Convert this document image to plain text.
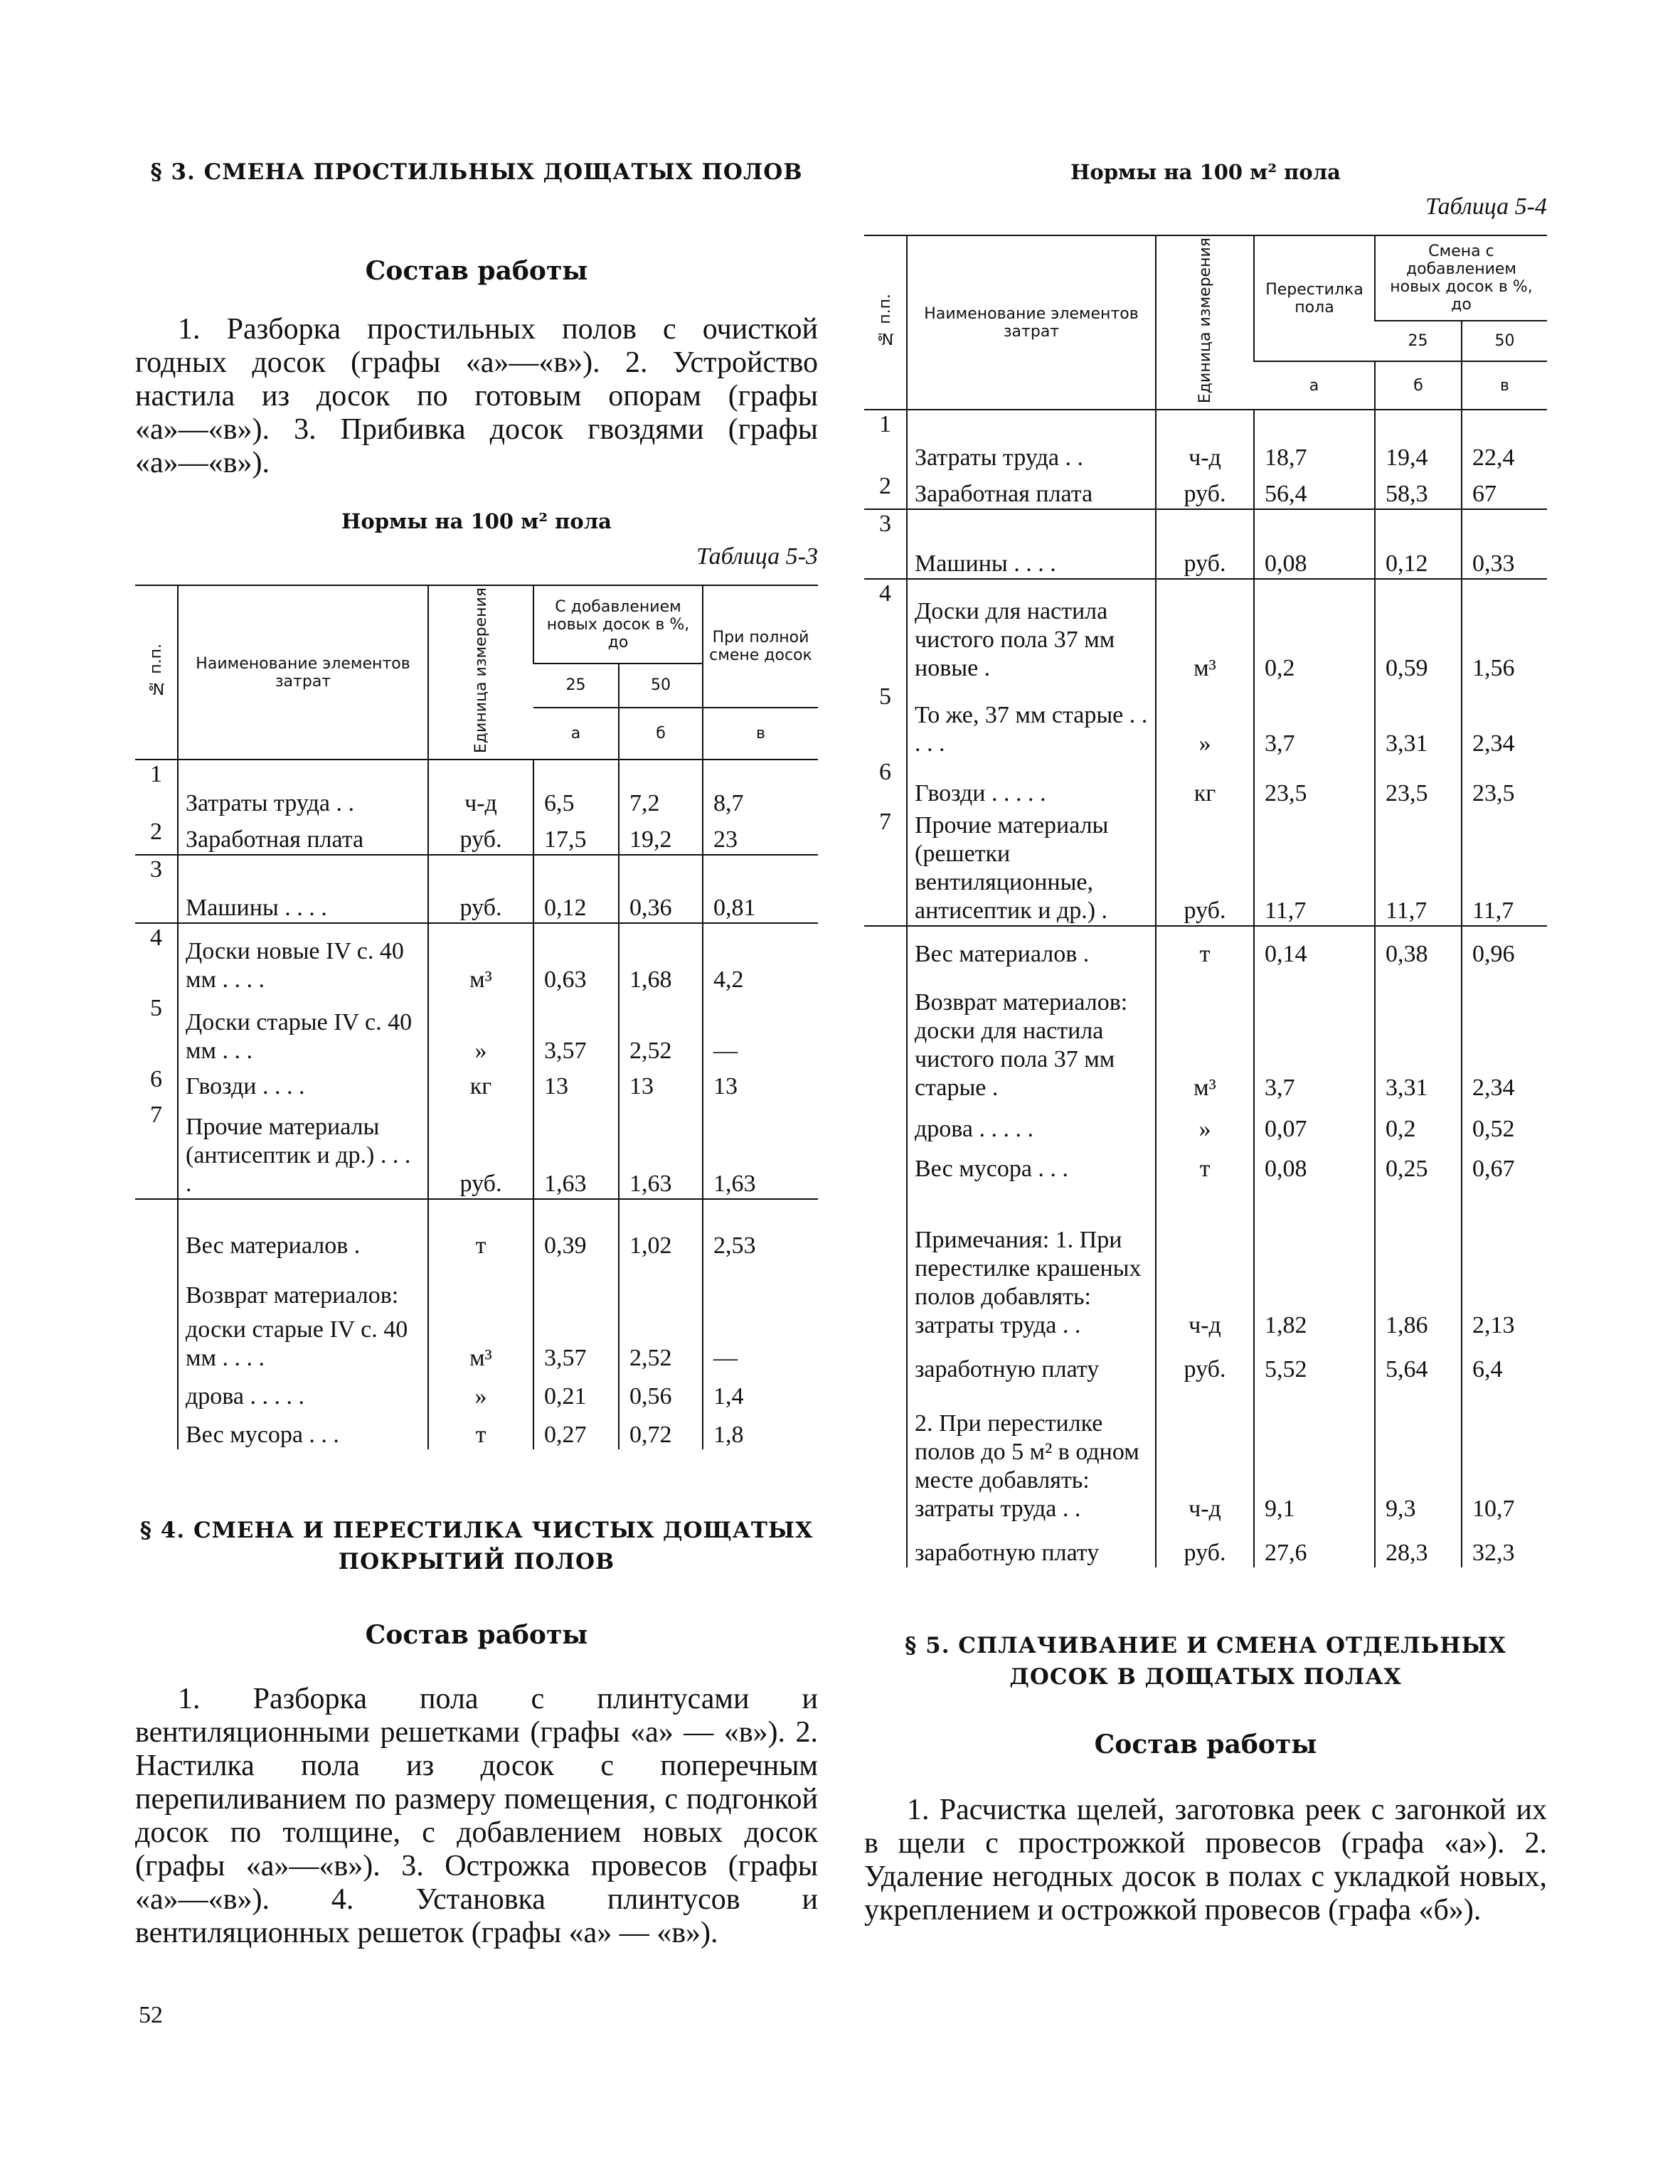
§ 3. СМЕНА ПРОСТИЛЬНЫХ ДОЩАТЫХ ПОЛОВ
Состав работы

1. Разборка простильных полов с очисткой годных досок (графы «а»—«в»). 2. Устройство настила из досок по готовым опорам (графы «а»—«в»). 3. Прибивка досок гвоздями (графы «а»—«в»).

Нормы на 100 м² пола

Таблица 5-3

№ п.п.	Наименование элементов затрат	Единица измерения	С добавлением новых досок в %, до		При полной смене досок
			25	50	
			а	б	в
1	Затраты труда . .	ч-д	6,5	7,2	8,7
2	Заработная плата	руб.	17,5	19,2	23
3	Машины . . . .	руб.	0,12	0,36	0,81
4	Доски новые IV с. 40 мм . . . .	м³	0,63	1,68	4,2
5	Доски старые IV с. 40 мм . . .	»	3,57	2,52	—
6	Гвозди . . . .	кг	13	13	13
7	Прочие материалы (антисептик и др.) . . . .	руб.	1,63	1,63	1,63
	Вес материалов .	т	0,39	1,02	2,53
	Возврат материалов:				
	доски старые IV с. 40 мм . . . .	м³	3,57	2,52	—
	дрова . . . . .	»	0,21	0,56	1,4
	Вес мусора . . .	т	0,27	0,72	1,8
§ 4. СМЕНА И ПЕРЕСТИЛКА ЧИСТЫХ ДОЩАТЫХ ПОКРЫТИЙ ПОЛОВ
Состав работы

1. Разборка пола с плинтусами и вентиляционными решетками (графы «а» — «в»). 2. Настилка пола из досок с поперечным перепиливанием по размеру помещения, с подгонкой досок по толщине, с добавлением новых досок (графы «а»—«в»). 3. Острожка провесов (графы «а»—«в»). 4. Установка плинтусов и вентиляционных решеток (графы «а» — «в»).

52

Нормы на 100 м² пола

Таблица 5-4

№ п.п.	Наименование элементов затрат	Единица измерения	Перестилка пола	Смена с добавлением новых досок в %, до	
				25	50
			а	б	в
1	Затраты труда . .	ч-д	18,7	19,4	22,4
2	Заработная плата	руб.	56,4	58,3	67
3	Машины . . . .	руб.	0,08	0,12	0,33
4	Доски для настила чистого пола 37 мм новые .	м³	0,2	0,59	1,56
5	То же, 37 мм старые . . . . .	»	3,7	3,31	2,34
6	Гвозди . . . . .	кг	23,5	23,5	23,5
7	Прочие материалы (решетки вентиляционные, антисептик и др.) .	руб.	11,7	11,7	11,7
	Вес материалов .	т	0,14	0,38	0,96
	Возврат материалов: доски для настила чистого пола 37 мм старые .	м³	3,7	3,31	2,34
	дрова . . . . .	»	0,07	0,2	0,52
	Вес мусора . . .	т	0,08	0,25	0,67
	Примечания: 1. При перестилке крашеных полов добавлять: затраты труда . .	ч-д	1,82	1,86	2,13
	заработную плату	руб.	5,52	5,64	6,4
	2. При перестилке полов до 5 м² в одном месте добавлять: затраты труда . .	ч-д	9,1	9,3	10,7
	заработную плату	руб.	27,6	28,3	32,3
§ 5. СПЛАЧИВАНИЕ И СМЕНА ОТДЕЛЬНЫХ ДОСОК В ДОЩАТЫХ ПОЛАХ
Состав работы

1. Расчистка щелей, заготовка реек с загонкой их в щели с прострожкой провесов (графа «а»). 2. Удаление негодных досок в полах с укладкой новых, укреплением и острожкой провесов (графа «б»).
